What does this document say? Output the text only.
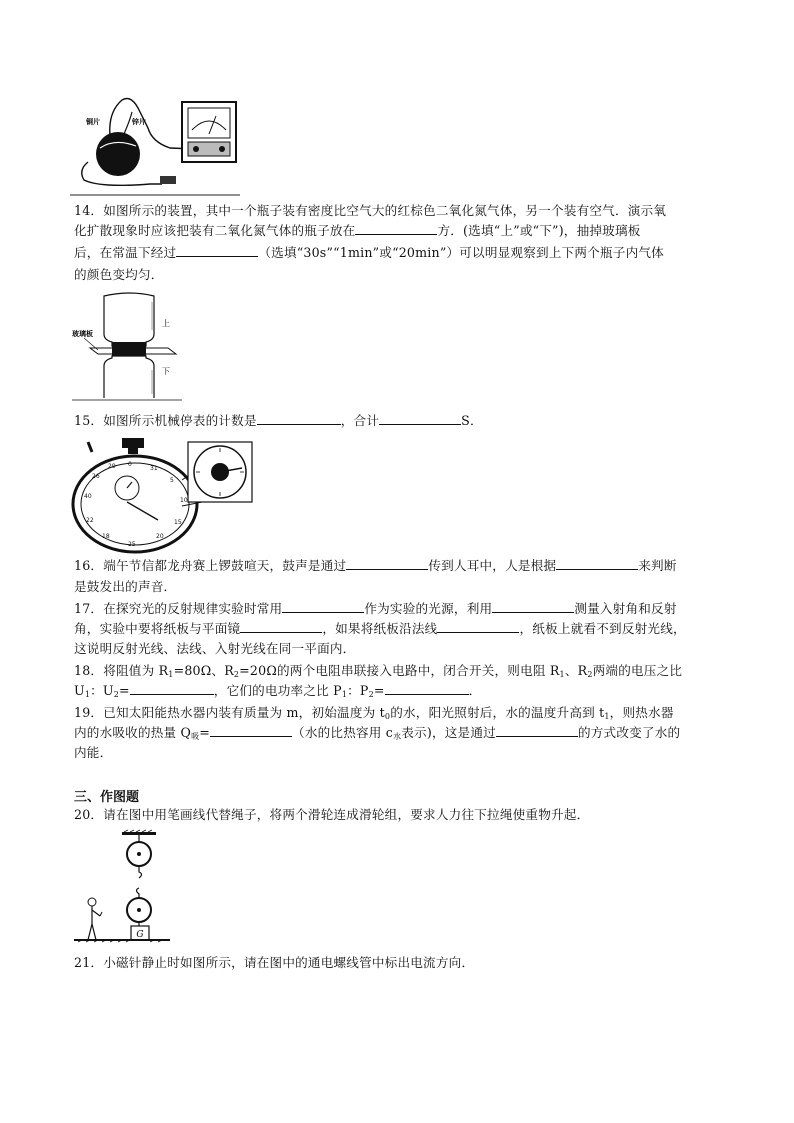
铜片	锌片
14．如图所示的装置，其中一个瓶子装有密度比空气大的红棕色二氧化氮气体，另一个装有空气．演示氧
化扩散现象时应该把装有二氧化氮气体的瓶子放在	方．(选填“上”或“下”)，抽掉玻璃板
后，在常温下经过	（选填“30s”“1min”或“20min”）可以明显观察到上下两个瓶子内气体
的颜色变均匀．
玻璃板
上
下
15．如图所示机械停表的计数是	，合计	S．
0
31
5
10
15
20
25
18
22
40
26
29
16．端午节信都龙舟赛上锣鼓喧天，鼓声是通过	传到人耳中，人是根据	来判断
是鼓发出的声音．
17．在探究光的反射规律实验时常用	作为实验的光源，利用	测量入射角和反射
角，实验中要将纸板与平面镜	，如果将纸板沿法线	，纸板上就看不到反射光线，
这说明反射光线、法线、入射光线在同一平面内．
18．将阻值为 $R_1=80\Omega$、$R_2=20\Omega$的两个电阻串联接入电路中，闭合开关，则电阻 $R_1$、$R_2$两端的电压之比
$U_1$：$U_2=$	，它们的电功率之比 $P_1$：$P_2=$	．
19．已知太阳能热水器内装有质量为 m，初始温度为 $t_0$的水，阳光照射后，水的温度升高到 $t_1$，则热水器
内的水吸收的热量 $Q_吸=$	（水的比热容用 $c_水$表示)，这是通过	的方式改变了水的
内能．
三、作图题
20．请在图中用笔画线代替绳子，将两个滑轮连成滑轮组，要求人力往下拉绳使重物升起．
G
21．小磁针静止时如图所示，请在图中的通电螺线管中标出电流方向．
